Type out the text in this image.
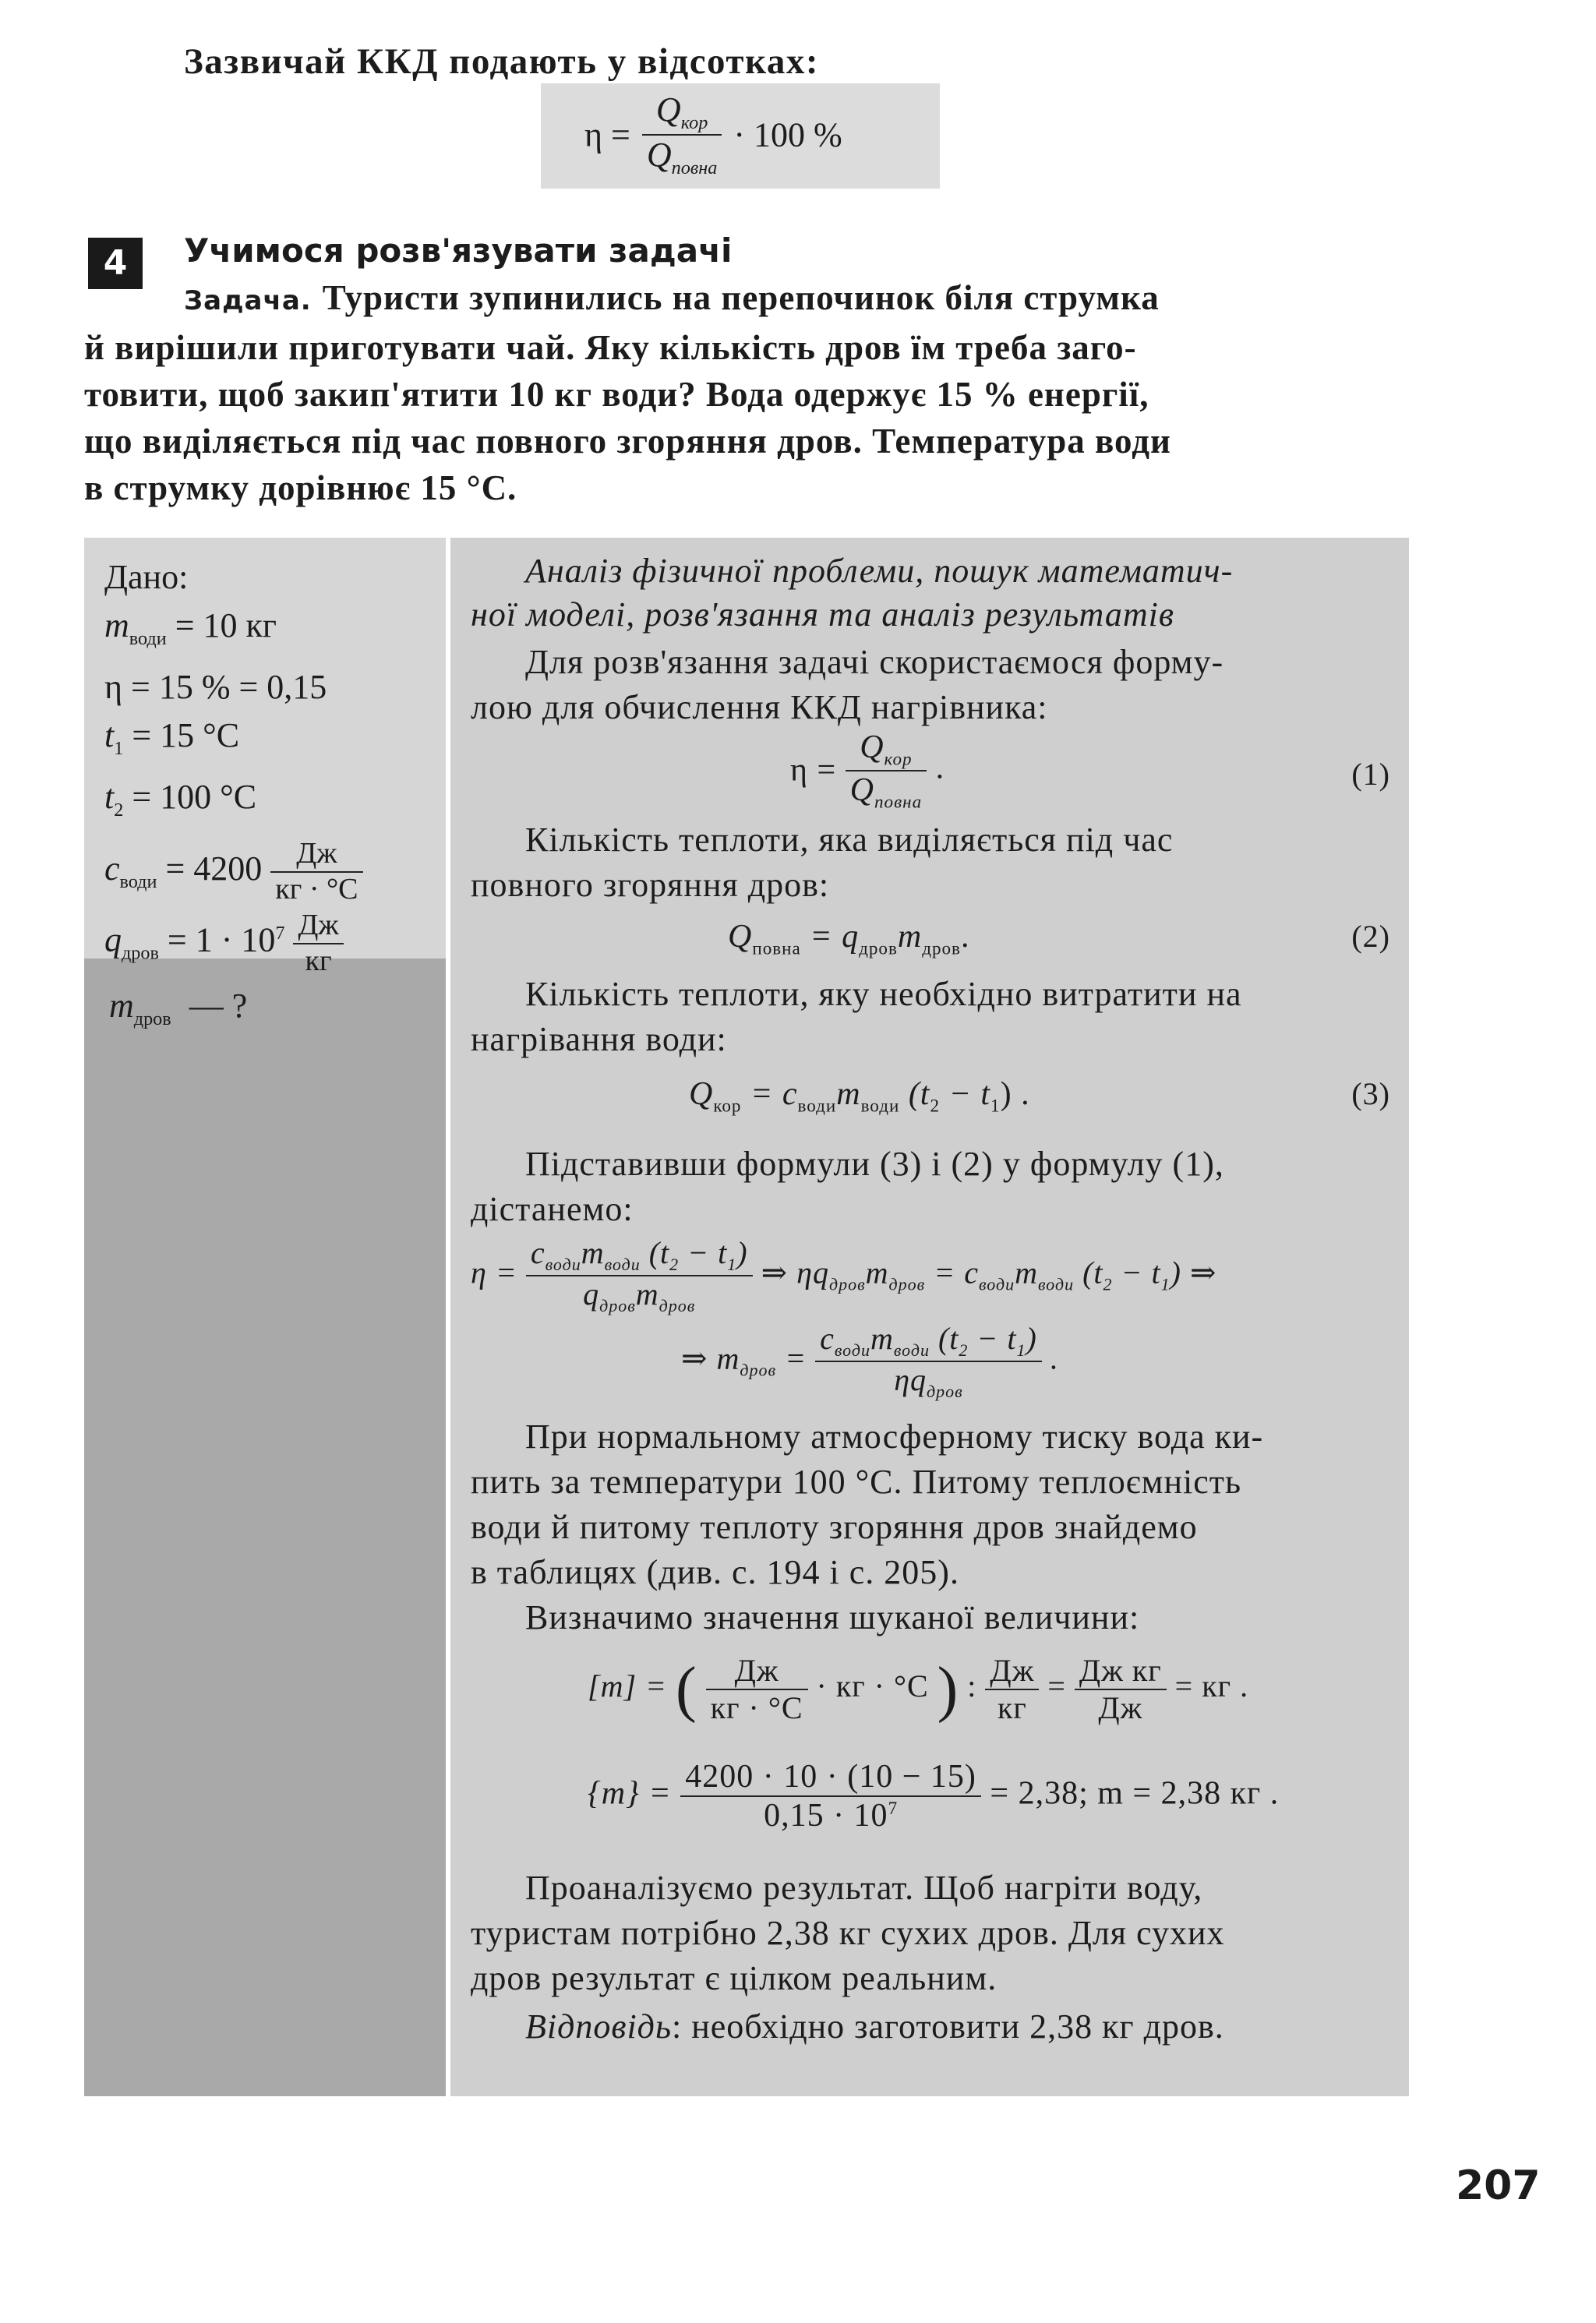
Зазвичай ККД подають у відсотках:
$\eta = \frac{Q_{кор}}{Q_{повна}} \cdot 100$ %
4	Учимося розв'язувати задачі
Задача. Туристи зупинились на перепочинок біля струмка
й вирішили приготувати чай. Яку кількість дров їм треба заго-
товити, щоб закип'ятити 10 кг води? Вода одержує 15 % енергії,
що виділяється під час повного згоряння дров. Температура води
в струмку дорівнює 15 °C.
Дано:
$m_{води} = 10$ кг
η = 15 % = 0,15
$t_1 = 15$ °C
$t_2 = 100$ °C
$c_{води} = 4200 \frac{Дж}{кг \cdot ^\circ C}$
$q_{дров} = 1 \cdot 10^7 \frac{Дж}{кг}$
$m_{дров}$ — ?
Аналіз фізичної проблеми, пошук математич-
ної моделі, розв'язання та аналіз результатів
Для розв'язання задачі скористаємося форму-
лою для обчислення ККД нагрівника:
$\eta = \frac{Q_{кор}}{Q_{повна}}$ .	(1)
Кількість теплоти, яка виділяється під час
повного згоряння дров:
$Q_{повна} = q_{дров}m_{дров}$.	(2)
Кількість теплоти, яку необхідно витратити на
нагрівання води:
$Q_{кор} = c_{води}m_{води}$ $(t_2 - t_1)$ .	(3)
Підставивши формули (3) і (2) у формулу (1),
дістанемо:
$\eta = \frac{c_{води}m_{води} (t_2 - t_1)}{q_{дров}m_{дров}}$ ⇒ $\eta q_{дров}m_{дров} = c_{води}m_{води}$ $(t_2 - t_1)$ ⇒
⇒ $m_{дров} = \frac{c_{води}m_{води} (t_2 - t_1)}{\eta q_{дров}}$ .
При нормальному атмосферному тиску вода ки-
пить за температури 100 °C. Питому теплоємність
води й питому теплоту згоряння дров знайдемо
в таблицях (див. с. 194 і с. 205).
Визначимо значення шуканої величини:
[m] = ( $\frac{Дж}{кг \cdot ^\circ C}$ · кг · °C ) : $\frac{Дж}{кг} = \frac{\text{Дж кг}}{Дж}$ = кг .
$\{m\} = \frac{4200 \cdot 10 \cdot (10 - 15)}{0,15 \cdot 10^7} = 2,38$; m = 2,38 кг .
Проаналізуємо результат. Щоб нагріти воду,
туристам потрібно 2,38 кг сухих дров. Для сухих
дров результат є цілком реальним.
Відповідь: необхідно заготовити 2,38 кг дров.
207
